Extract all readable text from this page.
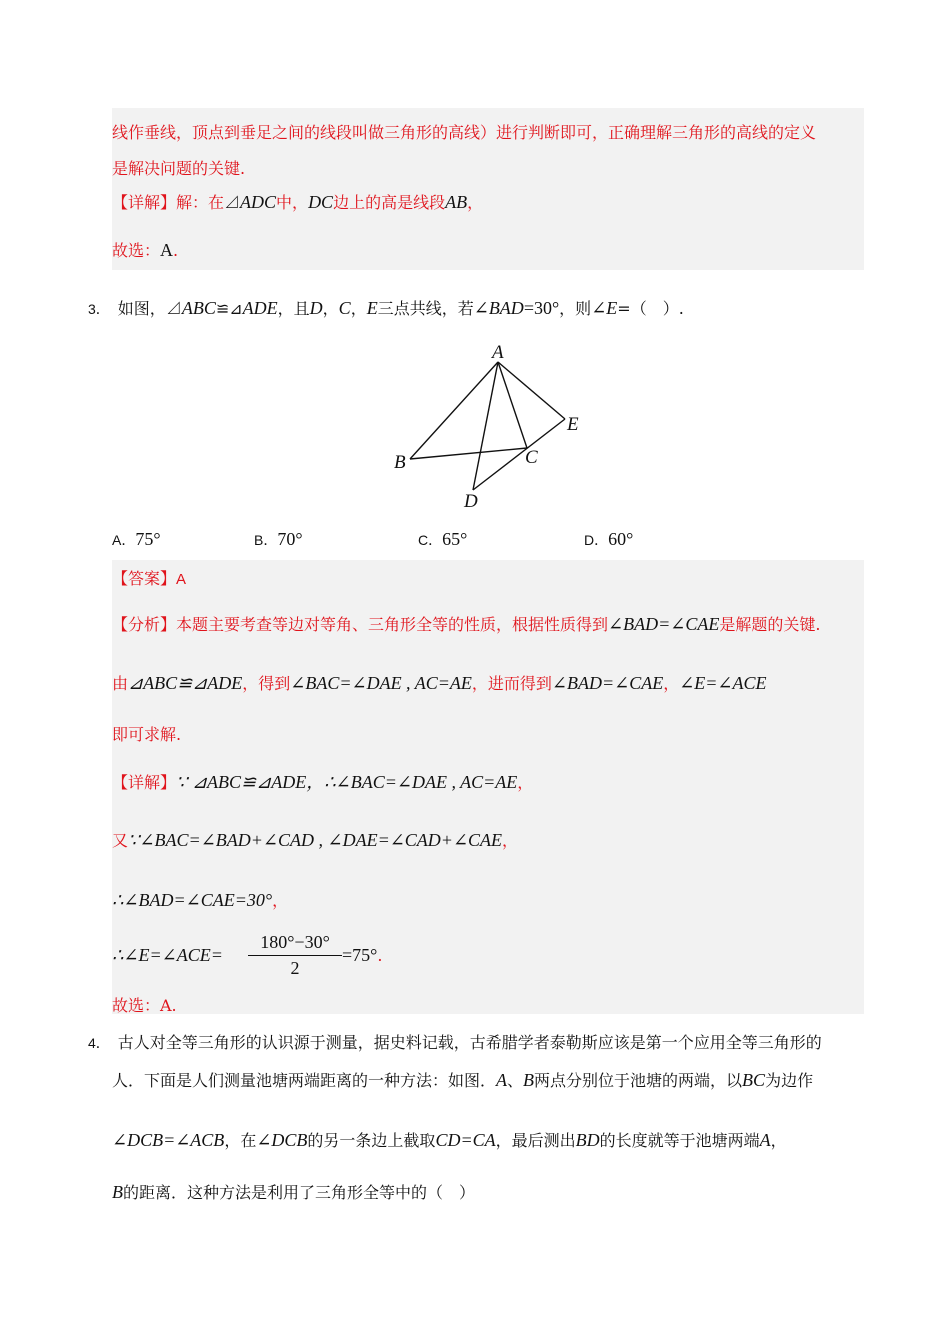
线作垂线，顶点到垂足之间的线段叫做三角形的高线）进行判断即可，正确理解三角形的高线的定义
是解决问题的关键.
【详解】解：在⊿ADC中，DC边上的高是线段AB，
故选：A.
3． 如图，⊿ABC≌⊿ADE，且D，C，E三点共线，若∠BAD=30°，则∠E=（　）.
A
E
B	C
D
A．75°	B．70°	C．65°	D．60°
【答案】A
【分析】本题主要考查等边对等角、三角形全等的性质，根据性质得到∠BAD=∠CAE是解题的关键.
由⊿ABC≌⊿ADE，得到∠BAC=∠DAE , AC=AE，进而得到∠BAD=∠CAE，∠E=∠ACE
即可求解.
【详解】∵ ⊿ABC≌⊿ADE，∴∠BAC=∠DAE , AC=AE，
又∵∠BAC=∠BAD+∠CAD , ∠DAE=∠CAD+∠CAE，
∴∠BAD=∠CAE=30°，
∴∠E=∠ACE=
180°−30°
2
=75°.
故选：A.
4． 古人对全等三角形的认识源于测量，据史料记载，古希腊学者泰勒斯应该是第一个应用全等三角形的
人．下面是人们测量池塘两端距离的一种方法：如图．A、B两点分别位于池塘的两端，以BC为边作
∠DCB=∠ACB，在∠DCB的另一条边上截取CD=CA，最后测出BD的长度就等于池塘两端A，
B的距离．这种方法是利用了三角形全等中的（　）
